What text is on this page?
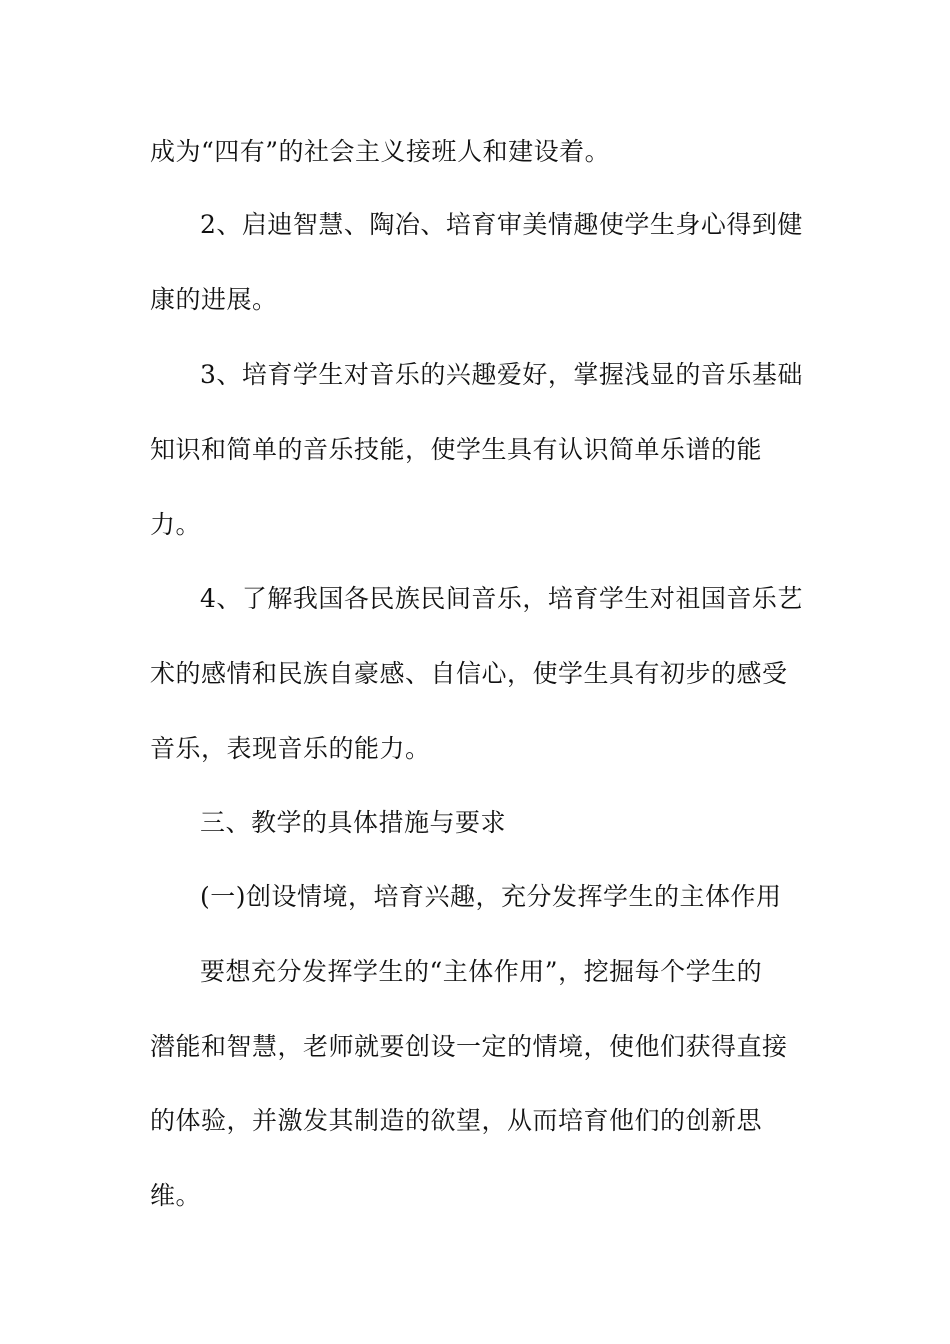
成为“四有”的社会主义接班人和建设着。
2、启迪智慧、陶冶、培育审美情趣使学生身心得到健
康的进展。
3、培育学生对音乐的兴趣爱好，掌握浅显的音乐基础
知识和简单的音乐技能，使学生具有认识简单乐谱的能
力。
4、了解我国各民族民间音乐，培育学生对祖国音乐艺
术的感情和民族自豪感、自信心，使学生具有初步的感受
音乐，表现音乐的能力。
三、教学的具体措施与要求
(一)创设情境，培育兴趣，充分发挥学生的主体作用
要想充分发挥学生的“主体作用”，挖掘每个学生的
潜能和智慧，老师就要创设一定的情境，使他们获得直接
的体验，并激发其制造的欲望，从而培育他们的创新思
维。
